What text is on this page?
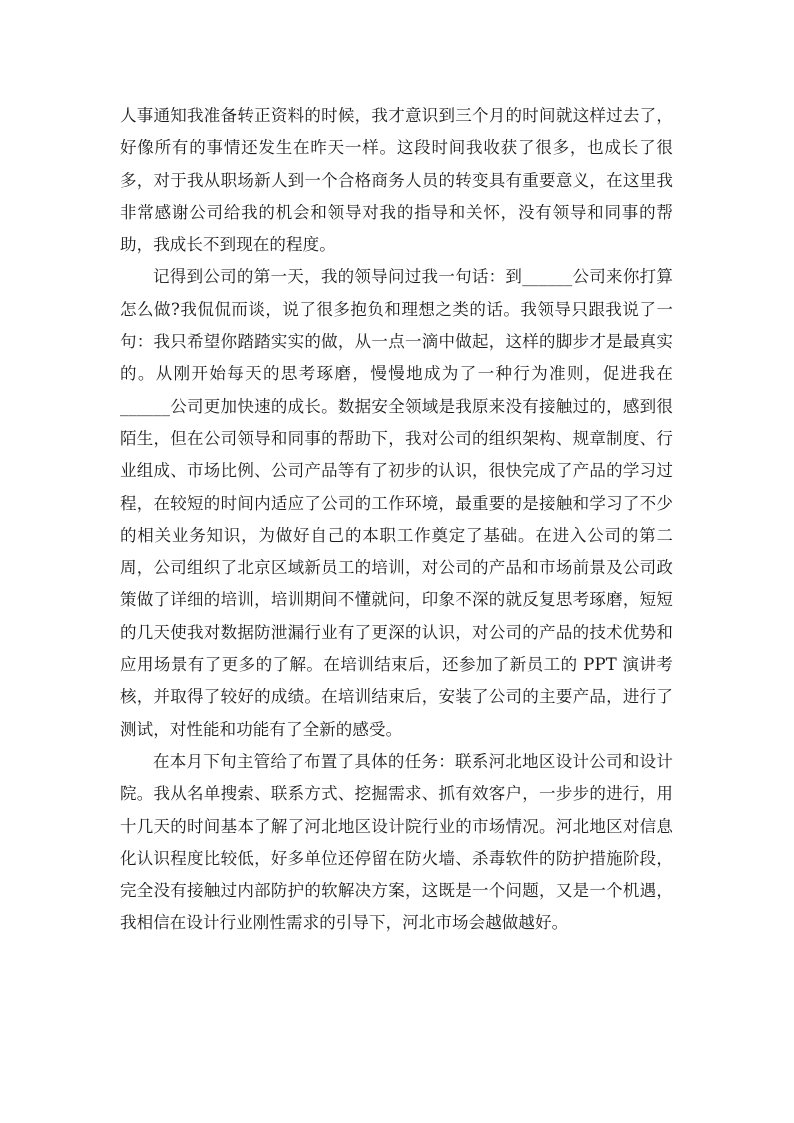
人事通知我准备转正资料的时候，我才意识到三个月的时间就这样过去了，好像所有的事情还发生在昨天一样。这段时间我收获了很多，也成长了很多，对于我从职场新人到一个合格商务人员的转变具有重要意义，在这里我非常感谢公司给我的机会和领导对我的指导和关怀，没有领导和同事的帮助，我成长不到现在的程度。

记得到公司的第一天，我的领导问过我一句话：到______公司来你打算怎么做?我侃侃而谈，说了很多抱负和理想之类的话。我领导只跟我说了一句：我只希望你踏踏实实的做，从一点一滴中做起，这样的脚步才是最真实的。从刚开始每天的思考琢磨，慢慢地成为了一种行为准则，促进我在______公司更加快速的成长。数据安全领域是我原来没有接触过的，感到很陌生，但在公司领导和同事的帮助下，我对公司的组织架构、规章制度、行业组成、市场比例、公司产品等有了初步的认识，很快完成了产品的学习过程，在较短的时间内适应了公司的工作环境，最重要的是接触和学习了不少的相关业务知识，为做好自己的本职工作奠定了基础。在进入公司的第二周，公司组织了北京区域新员工的培训，对公司的产品和市场前景及公司政策做了详细的培训，培训期间不懂就问，印象不深的就反复思考琢磨，短短的几天使我对数据防泄漏行业有了更深的认识，对公司的产品的技术优势和应用场景有了更多的了解。在培训结束后，还参加了新员工的 PPT 演讲考核，并取得了较好的成绩。在培训结束后，安装了公司的主要产品，进行了测试，对性能和功能有了全新的感受。

在本月下旬主管给了布置了具体的任务：联系河北地区设计公司和设计院。我从名单搜索、联系方式、挖掘需求、抓有效客户，一步步的进行，用十几天的时间基本了解了河北地区设计院行业的市场情况。河北地区对信息化认识程度比较低，好多单位还停留在防火墙、杀毒软件的防护措施阶段，完全没有接触过内部防护的软解决方案，这既是一个问题，又是一个机遇，我相信在设计行业刚性需求的引导下，河北市场会越做越好。
